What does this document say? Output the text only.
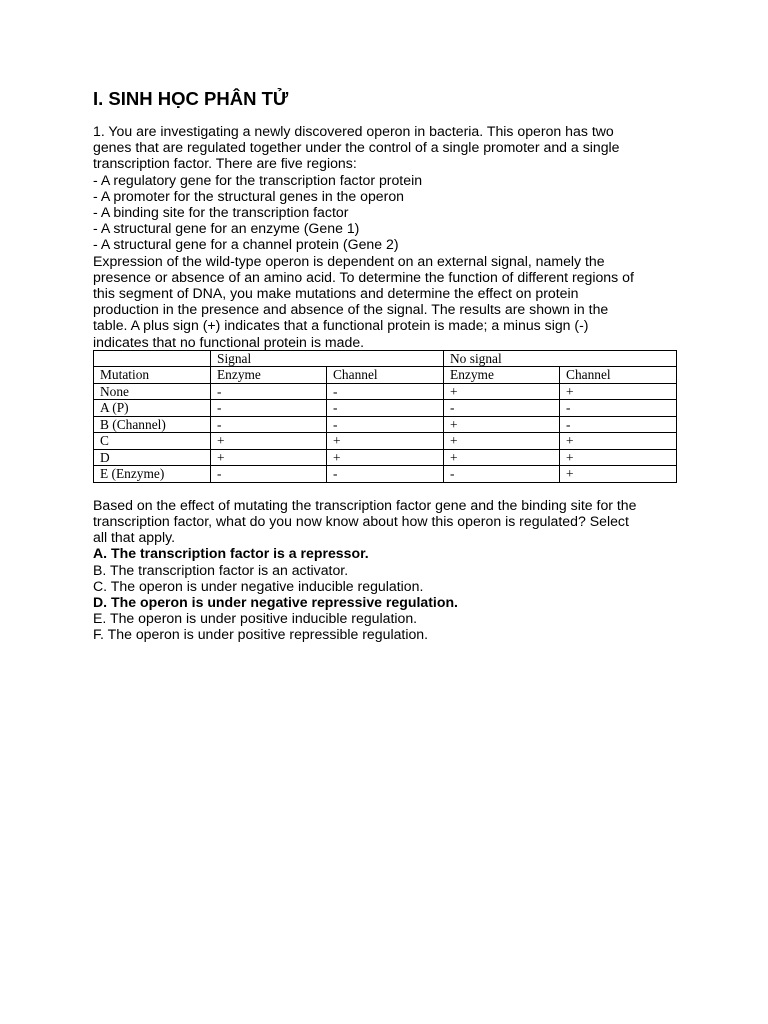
I. SINH HỌC PHÂN TỬ
1. You are investigating a newly discovered operon in bacteria. This operon has two
genes that are regulated together under the control of a single promoter and a single
transcription factor. There are five regions:
- A regulatory gene for the transcription factor protein
- A promoter for the structural genes in the operon
- A binding site for the transcription factor
- A structural gene for an enzyme (Gene 1)
- A structural gene for a channel protein (Gene 2)
Expression of the wild-type operon is dependent on an external signal, namely the
presence or absence of an amino acid. To determine the function of different regions of
this segment of DNA, you make mutations and determine the effect on protein
production in the presence and absence of the signal. The results are shown in the
table. A plus sign (+) indicates that a functional protein is made; a minus sign (-)
indicates that no functional protein is made.
	Signal		No signal	
Mutation	Enzyme	Channel	Enzyme	Channel
None	-	-	+	+
A (P)	-	-	-	-
B (Channel)	-	-	+	-
C	+	+	+	+
D	+	+	+	+
E (Enzyme)	-	-	-	+
Based on the effect of mutating the transcription factor gene and the binding site for the
transcription factor, what do you now know about how this operon is regulated? Select
all that apply.
A. The transcription factor is a repressor.
B. The transcription factor is an activator.
C. The operon is under negative inducible regulation.
D. The operon is under negative repressive regulation.
E. The operon is under positive inducible regulation.
F. The operon is under positive repressible regulation.
